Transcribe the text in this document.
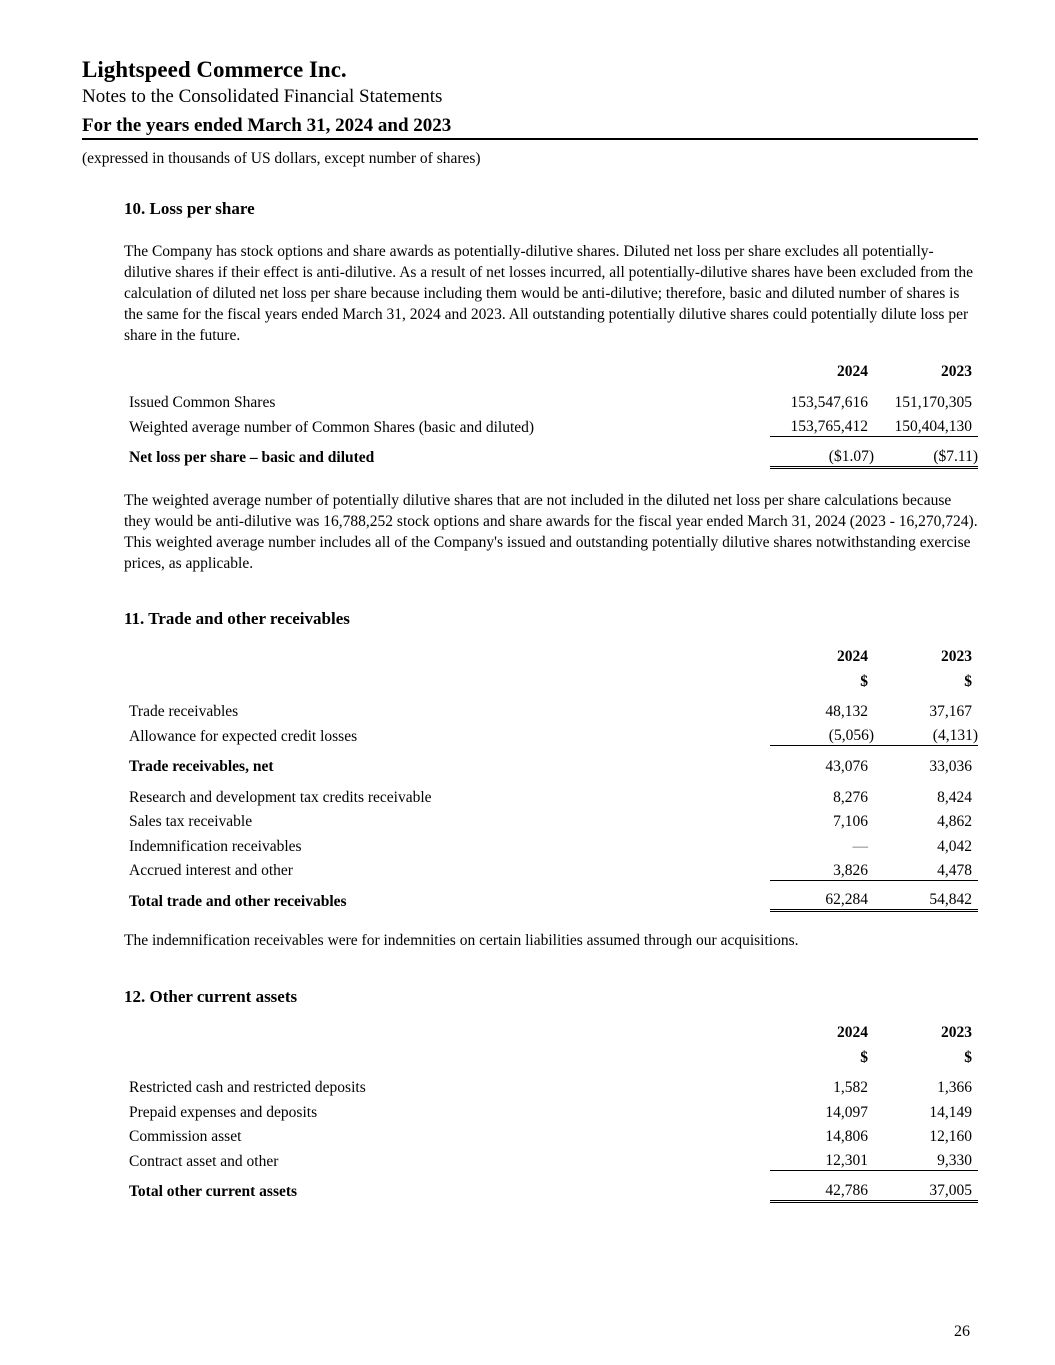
Lightspeed Commerce Inc.
Notes to the Consolidated Financial Statements
For the years ended March 31, 2024 and 2023
(expressed in thousands of US dollars, except number of shares)
10. Loss per share

The Company has stock options and share awards as potentially-dilutive shares. Diluted net loss per share excludes all potentially-dilutive shares if their effect is anti-dilutive. As a result of net losses incurred, all potentially-dilutive shares have been excluded from the calculation of diluted net loss per share because including them would be anti-dilutive; therefore, basic and diluted number of shares is the same for the fiscal years ended March 31, 2024 and 2023. All outstanding potentially dilutive shares could potentially dilute loss per share in the future.

	2024	2023

Issued Common Shares	153,547,616	151,170,305

Weighted average number of Common Shares (basic and diluted)	153,765,412	150,404,130

Net loss per share – basic and diluted	($1.07)	($7.11)

The weighted average number of potentially dilutive shares that are not included in the diluted net loss per share calculations because they would be anti-dilutive was 16,788,252 stock options and share awards for the fiscal year ended March 31, 2024 (2023 - 16,270,724). This weighted average number includes all of the Company's issued and outstanding potentially dilutive shares notwithstanding exercise prices, as applicable.

11. Trade and other receivables

	2024	2023

	$	$

Trade receivables	48,132	37,167

Allowance for expected credit losses	(5,056)	(4,131)

Trade receivables, net	43,076	33,036

Research and development tax credits receivable	8,276	8,424

Sales tax receivable	7,106	4,862

Indemnification receivables	—	4,042

Accrued interest and other	3,826	4,478

Total trade and other receivables	62,284	54,842

The indemnification receivables were for indemnities on certain liabilities assumed through our acquisitions.

12. Other current assets

	2024	2023

	$	$

Restricted cash and restricted deposits	1,582	1,366

Prepaid expenses and deposits	14,097	14,149

Commission asset	14,806	12,160

Contract asset and other	12,301	9,330

Total other current assets	42,786	37,005
26
